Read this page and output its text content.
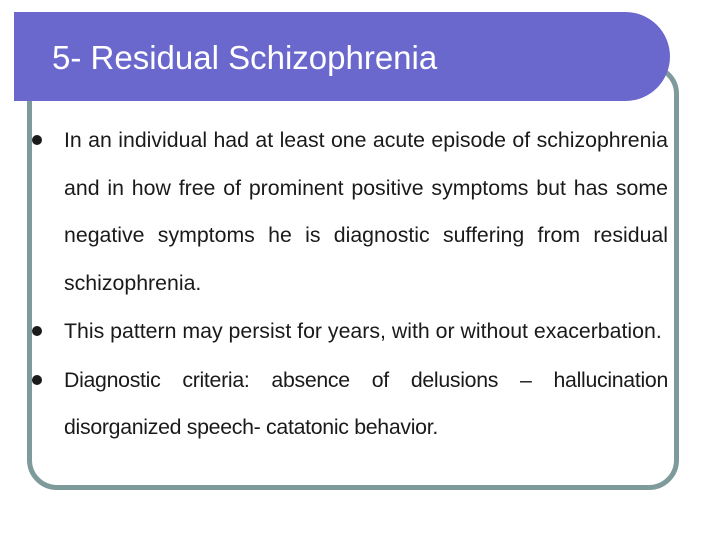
5- Residual Schizophrenia
In an individual had at least one acute episode of schizophrenia and in how free of prominent positive symptoms but has some negative symptoms he is diagnostic suffering from residual schizophrenia.
This pattern may persist for years, with or without exacerbation.
Diagnostic criteria: absence of delusions – hallucination disorganized speech- catatonic behavior.
